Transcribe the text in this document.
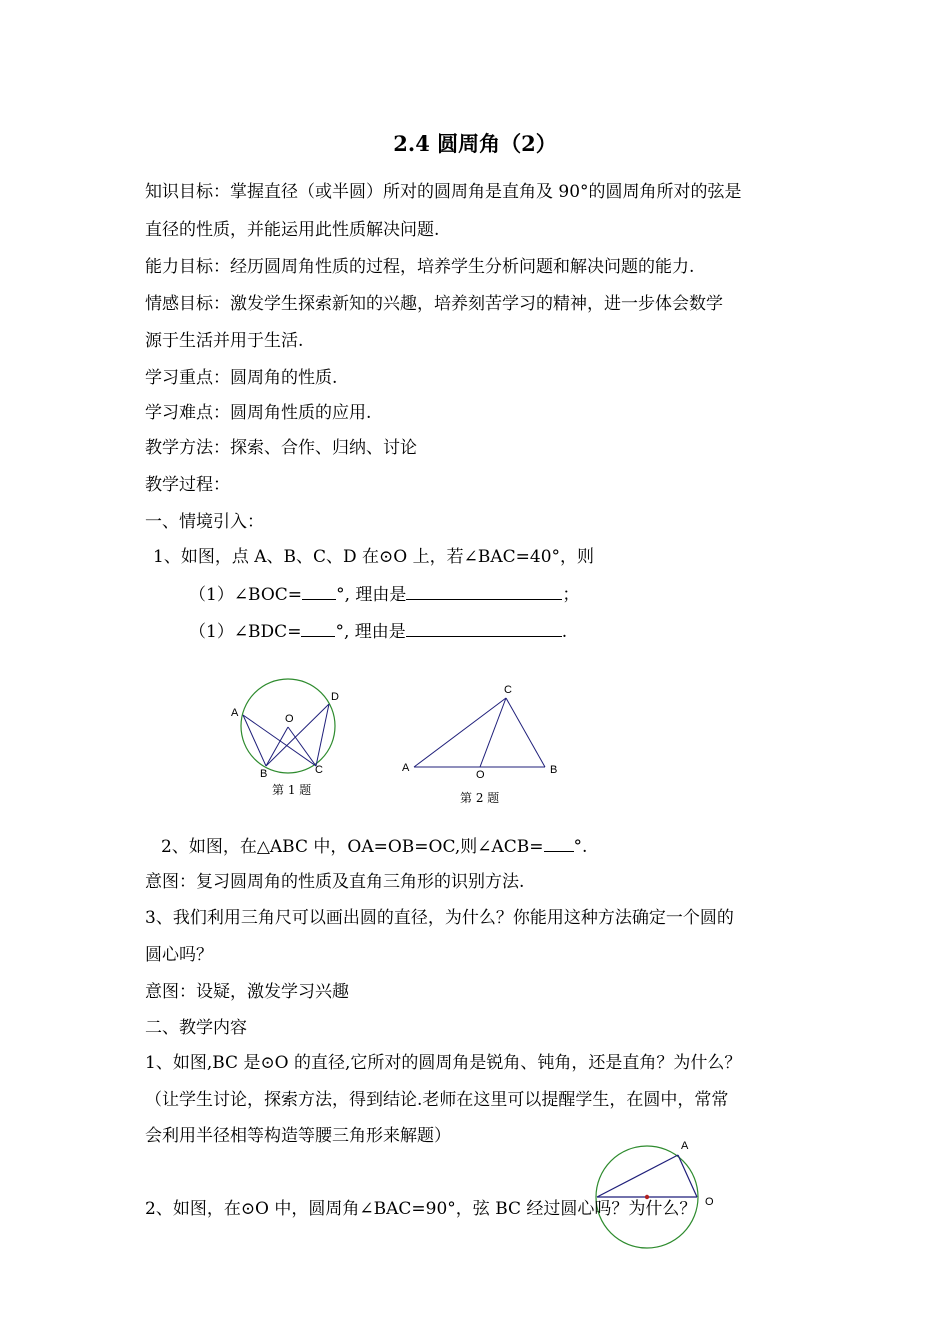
2.4 圆周角（2）
知识目标：掌握直径（或半圆）所对的圆周角是直角及 90°的圆周角所对的弦是
直径的性质，并能运用此性质解决问题.
能力目标：经历圆周角性质的过程，培养学生分析问题和解决问题的能力.
情感目标：激发学生探索新知的兴趣，培养刻苦学习的精神，进一步体会数学
源于生活并用于生活.
学习重点：圆周角的性质.
学习难点：圆周角性质的应用.
教学方法：探索、合作、归纳、讨论
教学过程：
一、情境引入：
1、如图，点 A、B、C、D 在⊙O 上，若∠BAC=40°，则
（1）∠BOC= °, 理由是	；
（1）∠BDC= °, 理由是	.
A
B	C
D
O
第 1 题
A	B
C
O
第 2 题
2、如图，在△ABC 中，OA=OB=OC,则∠ACB= °.
意图：复习圆周角的性质及直角三角形的识别方法.
3、我们利用三角尺可以画出圆的直径，为什么？你能用这种方法确定一个圆的
圆心吗？
意图：设疑，激发学习兴趣
二、教学内容
1、如图,BC 是⊙O 的直径,它所对的圆周角是锐角、钝角，还是直角？为什么？
（让学生讨论，探索方法，得到结论.老师在这里可以提醒学生，在圆中，常常
会利用半径相等构造等腰三角形来解题）	A
O
2、如图，在⊙O 中，圆周角∠BAC=90°，弦 BC 经过圆心吗？为什么？
